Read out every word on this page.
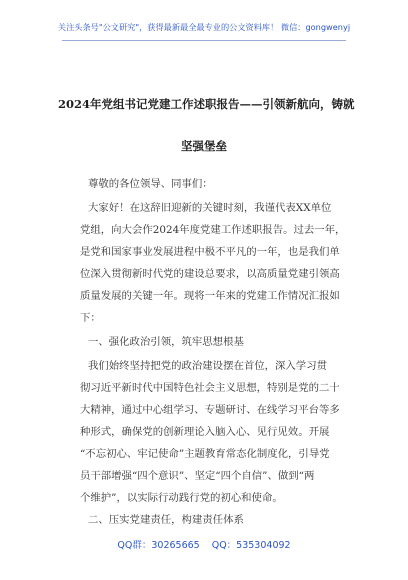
关注头条号"公文研究"，获得最新最全最专业的公文资料库！ 微信：gongwenyj
2024年党组书记党建工作述职报告——引领新航向，铸就
坚强堡垒
尊敬的各位领导、同事们：
大家好！在这辞旧迎新的关键时刻，我谨代表XX单位
党组，向大会作2024年度党建工作述职报告。过去一年，
是党和国家事业发展进程中极不平凡的一年，也是我们单
位深入贯彻新时代党的建设总要求，以高质量党建引领高
质量发展的关键一年。现将一年来的党建工作情况汇报如
下：
一、强化政治引领，筑牢思想根基
我们始终坚持把党的政治建设摆在首位，深入学习贯
彻习近平新时代中国特色社会主义思想，特别是党的二十
大精神，通过中心组学习、专题研讨、在线学习平台等多
种形式，确保党的创新理论入脑入心、见行见效。开展
“不忘初心、牢记使命”主题教育常态化制度化，引导党
员干部增强“四个意识”、坚定“四个自信”、做到“两
个维护”，以实际行动践行党的初心和使命。
二、压实党建责任，构建责任体系
QQ群：30265665 QQ：535304092
